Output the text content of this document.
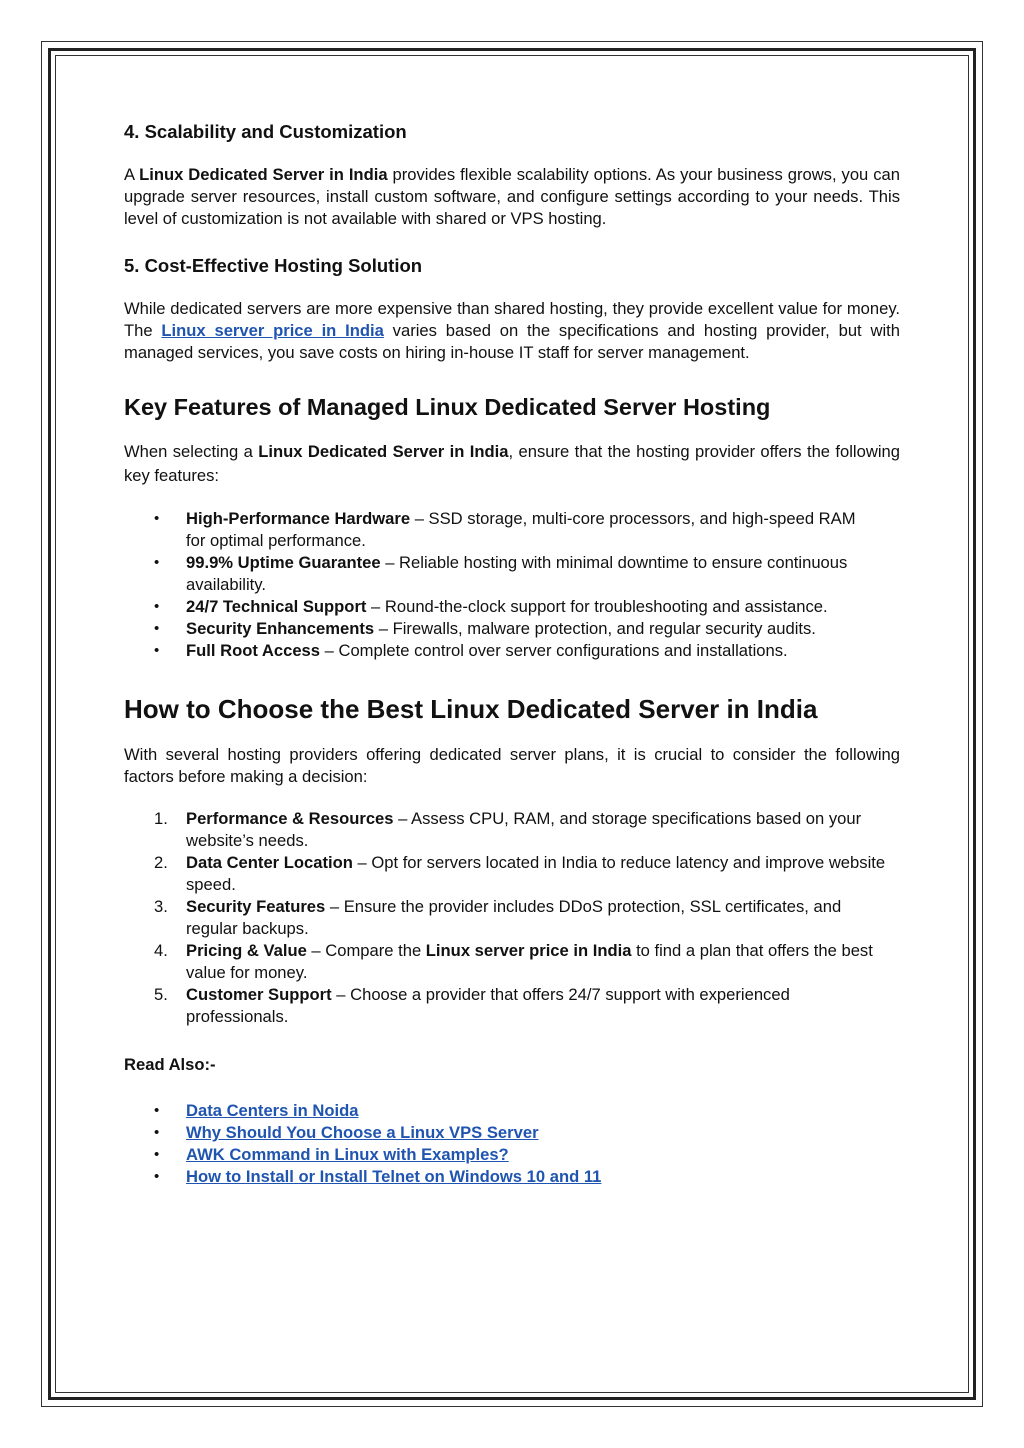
4. Scalability and Customization

A Linux Dedicated Server in India provides flexible scalability options. As your business grows, you can upgrade server resources, install custom software, and configure settings according to your needs. This level of customization is not available with shared or VPS hosting.

5. Cost-Effective Hosting Solution

While dedicated servers are more expensive than shared hosting, they provide excellent value for money. The Linux server price in India varies based on the specifications and hosting provider, but with managed services, you save costs on hiring in-house IT staff for server management.

Key Features of Managed Linux Dedicated Server Hosting

When selecting a Linux Dedicated Server in India, ensure that the hosting provider offers the following key features:

• High-Performance Hardware – SSD storage, multi-core processors, and high-speed RAM for optimal performance.
• 99.9% Uptime Guarantee – Reliable hosting with minimal downtime to ensure continuous availability.
• 24/7 Technical Support – Round-the-clock support for troubleshooting and assistance.
• Security Enhancements – Firewalls, malware protection, and regular security audits.
• Full Root Access – Complete control over server configurations and installations.
How to Choose the Best Linux Dedicated Server in India

With several hosting providers offering dedicated server plans, it is crucial to consider the following factors before making a decision:

1. Performance & Resources – Assess CPU, RAM, and storage specifications based on your website’s needs.
2. Data Center Location – Opt for servers located in India to reduce latency and improve website speed.
3. Security Features – Ensure the provider includes DDoS protection, SSL certificates, and regular backups.
4. Pricing & Value – Compare the Linux server price in India to find a plan that offers the best value for money.
5. Customer Support – Choose a provider that offers 24/7 support with experienced professionals.
Read Also:-
• Data Centers in Noida
• Why Should You Choose a Linux VPS Server
• AWK Command in Linux with Examples?
• How to Install or Install Telnet on Windows 10 and 11
